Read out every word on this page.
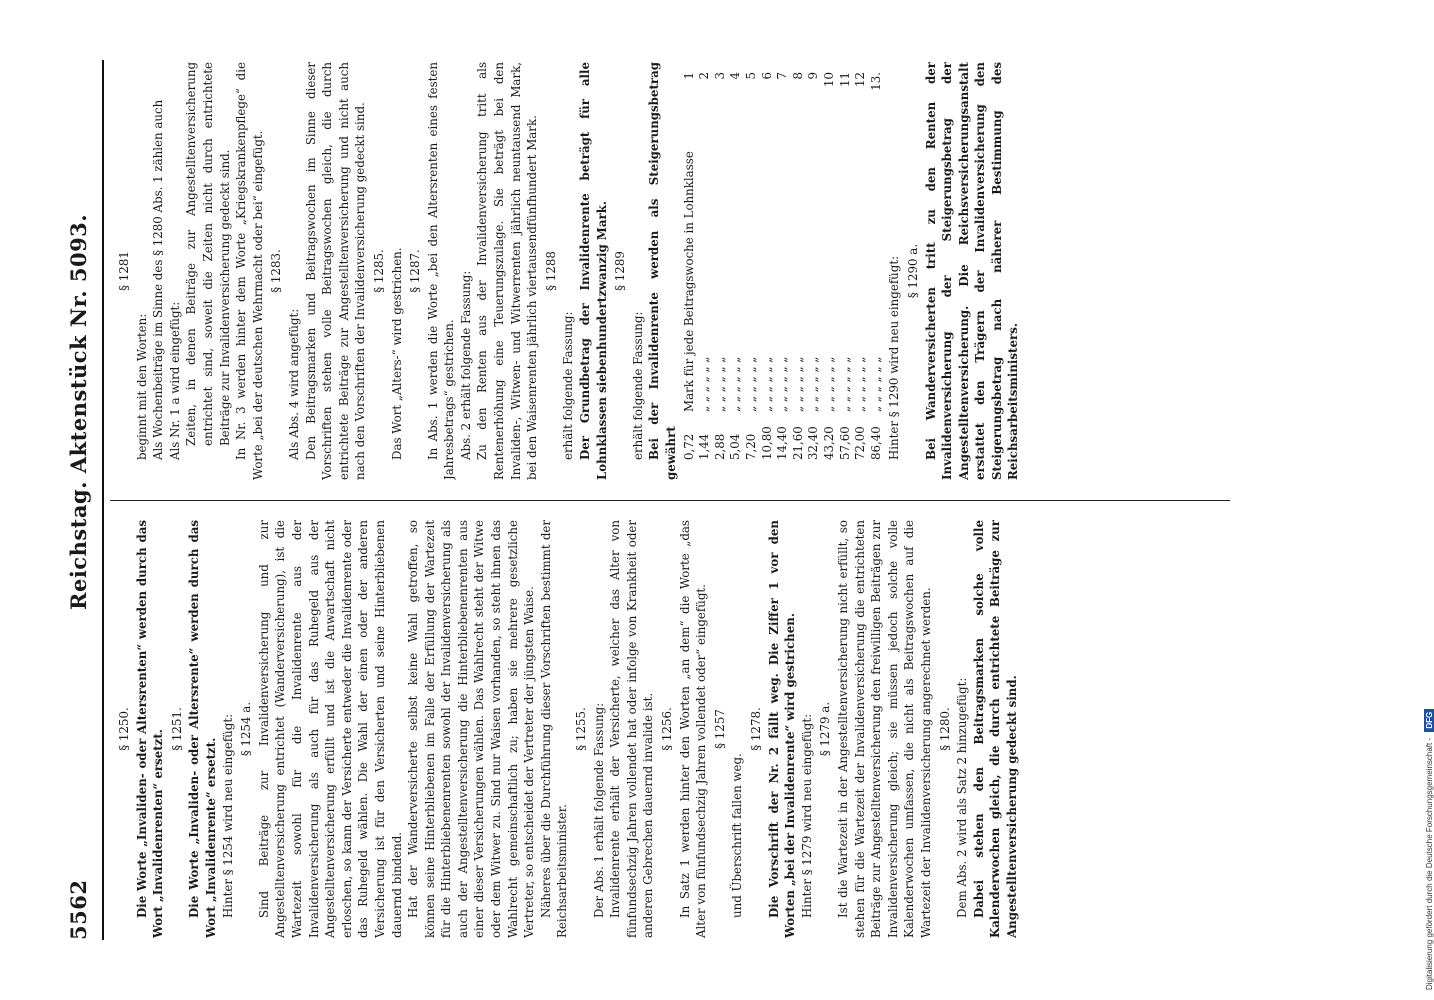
5562
Reichstag. Aktenstück Nr. 5093.
§ 1250. Die Worte „Invaliden- oder Altersrenten“ werden durch das Wort „Invalidenrenten“ ersetzt.

§ 1251. Die Worte „Invaliden- oder Altersrente“ werden durch das Wort „Invalidenrente“ ersetzt. Hinter § 1254 wird neu eingefügt: § 1254 a. Sind Beiträge zur Invalidenversicherung und zur Angestelltenversicherung entrichtet (Wanderversicherung), ist die Wartezeit sowohl für die Invalidenrente aus der Invalidenversicherung als auch für das Ruhegeld aus der Angestelltenversicherung erfüllt und ist die Anwartschaft nicht erloschen, so kann der Versicherte entweder die Invalidenrente oder das Ruhegeld wählen. Die Wahl der einen oder der anderen Versicherung ist für den Versicherten und seine Hinterbliebenen dauernd bindend. Hat der Wanderversicherte selbst keine Wahl getroffen, so können seine Hinterbliebenen im Falle der Erfüllung der Wartezeit für die Hinterbliebenenrenten sowohl der Invalidenversicherung als auch der Angestelltenversicherung die Hinterbliebenenrenten aus einer dieser Versicherungen wählen. Das Wahlrecht steht der Witwe oder dem Witwer zu. Sind nur Waisen vorhanden, so steht ihnen das Wahlrecht gemeinschaftlich zu; haben sie mehrere gesetzliche Vertreter, so entscheidet der Vertreter der jüngsten Waise. Näheres über die Durchführung dieser Vorschriften bestimmt der Reichsarbeitsminister.

§ 1255. Der Abs. 1 erhält folgende Fassung: Invalidenrente erhält der Versicherte, welcher das Alter von fünfundsechzig Jahren vollendet hat oder infolge von Krankheit oder anderen Gebrechen dauernd invalide ist. § 1256. In Satz 1 werden hinter den Worten „an dem“ die Worte „das Alter von fünfundsechzig Jahren vollendet oder“ eingefügt. § 1257

und Überschrift fallen weg.

§ 1278. Die Vorschrift der Nr. 2 fällt weg. Die Ziffer 1 vor den Worten „bei der Invalidenrente“ wird gestrichen. Hinter § 1279 wird neu eingefügt: § 1279 a. Ist die Wartezeit in der Angestelltenversicherung nicht erfüllt, so stehen für die Wartezeit der Invalidenversicherung die entrichteten Beiträge zur Angestelltenversicherung den freiwilligen Beiträgen zur Invalidenversicherung gleich; sie müssen jedoch solche volle Kalenderwochen umfassen, die nicht als Beitragswochen auf die Wartezeit der Invalidenversicherung angerechnet werden. § 1280. Dem Abs. 2 wird als Satz 2 hinzugefügt: Dabei stehen den Beitragsmarken solche volle Kalenderwochen gleich, die durch entrichtete Beiträge zur Angestelltenversicherung gedeckt sind.

§ 1281

beginnt mit den Worten: Als Wochenbeiträge im Sinne des § 1280 Abs. 1 zählen auch Als Nr. 1 a wird eingefügt: Zeiten, in denen Beiträge zur Angestelltenversicherung entrichtet sind, soweit die Zeiten nicht durch entrichtete Beiträge zur Invalidenversicherung gedeckt sind. In Nr. 3 werden hinter dem Worte „Kriegskrankenpflege“ die Worte „bei der deutschen Wehrmacht oder bei“ eingefügt. § 1283.

Als Abs. 4 wird angefügt: Den Beitragsmarken und Beitragswochen im Sinne dieser Vorschriften stehen volle Beitragswochen gleich, die durch entrichtete Beiträge zur Angestelltenversicherung und nicht auch nach den Vorschriften der Invalidenversicherung gedeckt sind. § 1285. Das Wort „Alters-“ wird gestrichen. § 1287. In Abs. 1 werden die Worte „bei den Altersrenten eines festen Jahresbetrags“ gestrichen. Abs. 2 erhält folgende Fassung: Zu den Renten aus der Invalidenversicherung tritt als Rentenerhöhung eine Teuerungszulage. Sie beträgt bei den Invaliden-, Witwen- und Witwerrenten jährlich neuntausend Mark, bei den Waisenrenten jährlich viertausendfünfhundert Mark. § 1288

erhält folgende Fassung: Der Grundbetrag der Invalidenrente beträgt für alle Lohnklassen siebenhundertzwanzig Mark. § 1289

erhält folgende Fassung: Bei der Invalidenrente werden als Steigerungsbetrag gewährt 0,72	Mark für jede Beitragswoche in Lohnklasse	1
1,44	„ „ „ „ „ „	2
2,88	„ „ „ „ „ „	3
5,04	„ „ „ „ „ „	4
7,20	„ „ „ „ „ „	5
10,80	„ „ „ „ „ „	6
14,40	„ „ „ „ „ „	7
21,60	„ „ „ „ „ „	8
32,40	„ „ „ „ „ „	9
43,20	„ „ „ „ „ „	10
57,60	„ „ „ „ „ „	11
72,00	„ „ „ „ „ „	12
86,40	„ „ „ „ „ „	13.

Hinter § 1290 wird neu eingefügt: § 1290 a. Bei Wanderversicherten tritt zu den Renten der Invalidenversicherung der Steigerungsbetrag der Angestelltenversicherung. Die Reichsversicherungsanstalt erstattet den Trägern der Invalidenversicherung den Steigerungsbetrag nach näherer Bestimmung des Reichsarbeitsministers.

Digitalisierung gefördert durch die Deutsche Forschungsgemeinschaft - DFG
